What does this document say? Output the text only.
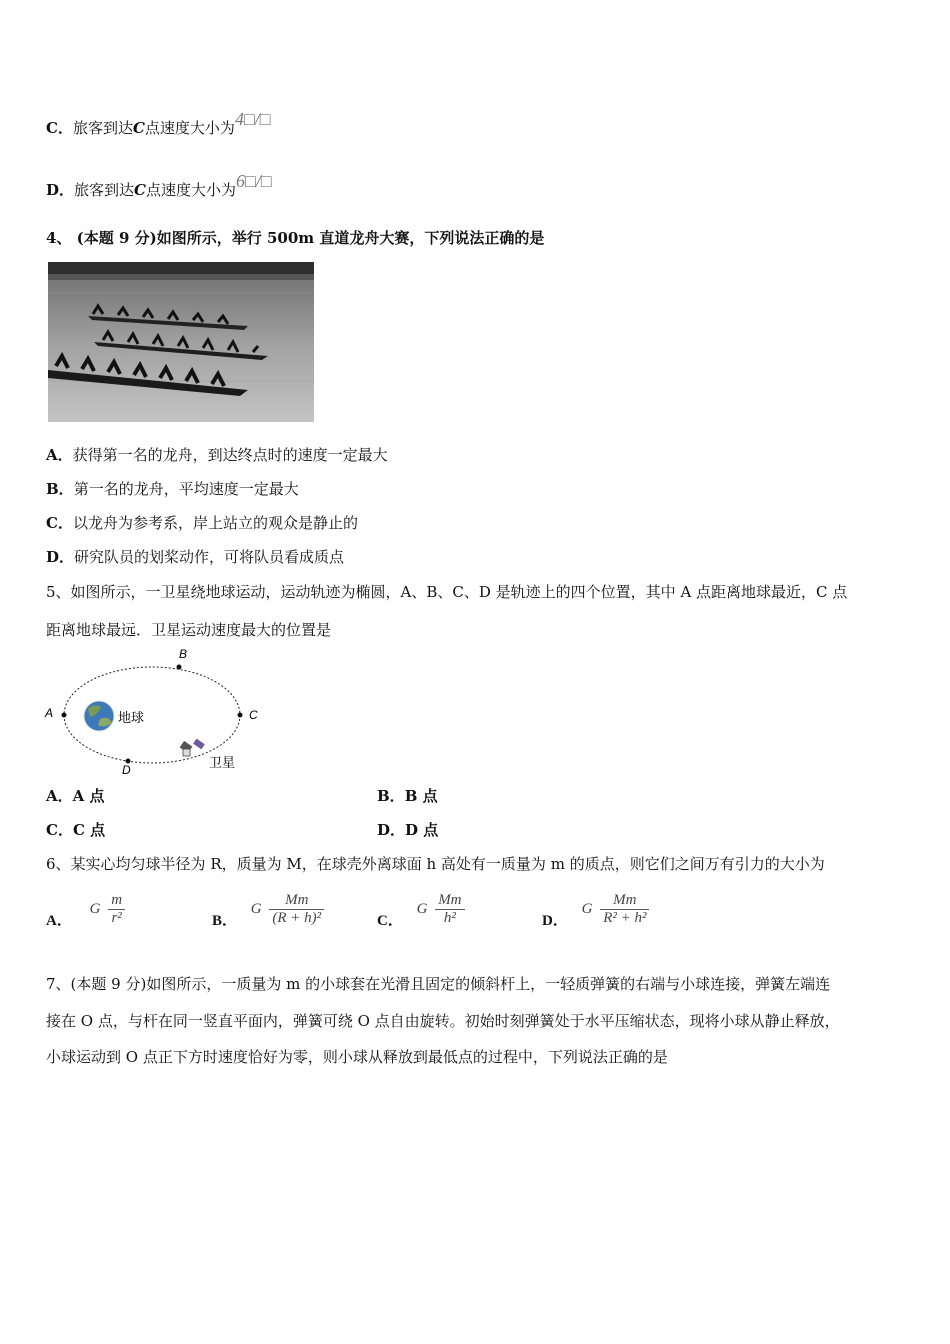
C．旅客到达C点速度大小为4□/□
D．旅客到达C点速度大小为6□/□
4、 (本题 9 分)如图所示，举行 500m 直道龙舟大赛，下列说法正确的是
A．获得第一名的龙舟，到达终点时的速度一定最大
B．第一名的龙舟，平均速度一定最大
C．以龙舟为参考系，岸上站立的观众是静止的
D．研究队员的划桨动作，可将队员看成质点
5、如图所示，一卫星绕地球运动，运动轨迹为椭圆，A、B、C、D 是轨迹上的四个位置，其中 A 点距离地球最近，C 点
距离地球最远．卫星运动速度最大的位置是
A
B
C
D
地球
卫星
A．A 点	B．B 点
C．C 点	D．D 点
6、某实心均匀球半径为 R，质量为 M，在球壳外离球面 h 高处有一质量为 m 的质点，则它们之间万有引力的大小为
A． G $\frac{m}{\text{r²}}$	B． G $\frac{Mm}{\text{(R + h)²}}$	C． G $\frac{Mm}{\text{h²}}$	D． G $\frac{Mm}{\text{R² + h²}}$
7、(本题 9 分)如图所示，一质量为 m 的小球套在光滑且固定的倾斜杆上，一轻质弹簧的右端与小球连接，弹簧左端连
接在 O 点，与杆在同一竖直平面内，弹簧可绕 O 点自由旋转。初始时刻弹簧处于水平压缩状态，现将小球从静止释放，
小球运动到 O 点正下方时速度恰好为零，则小球从释放到最低点的过程中，下列说法正确的是
